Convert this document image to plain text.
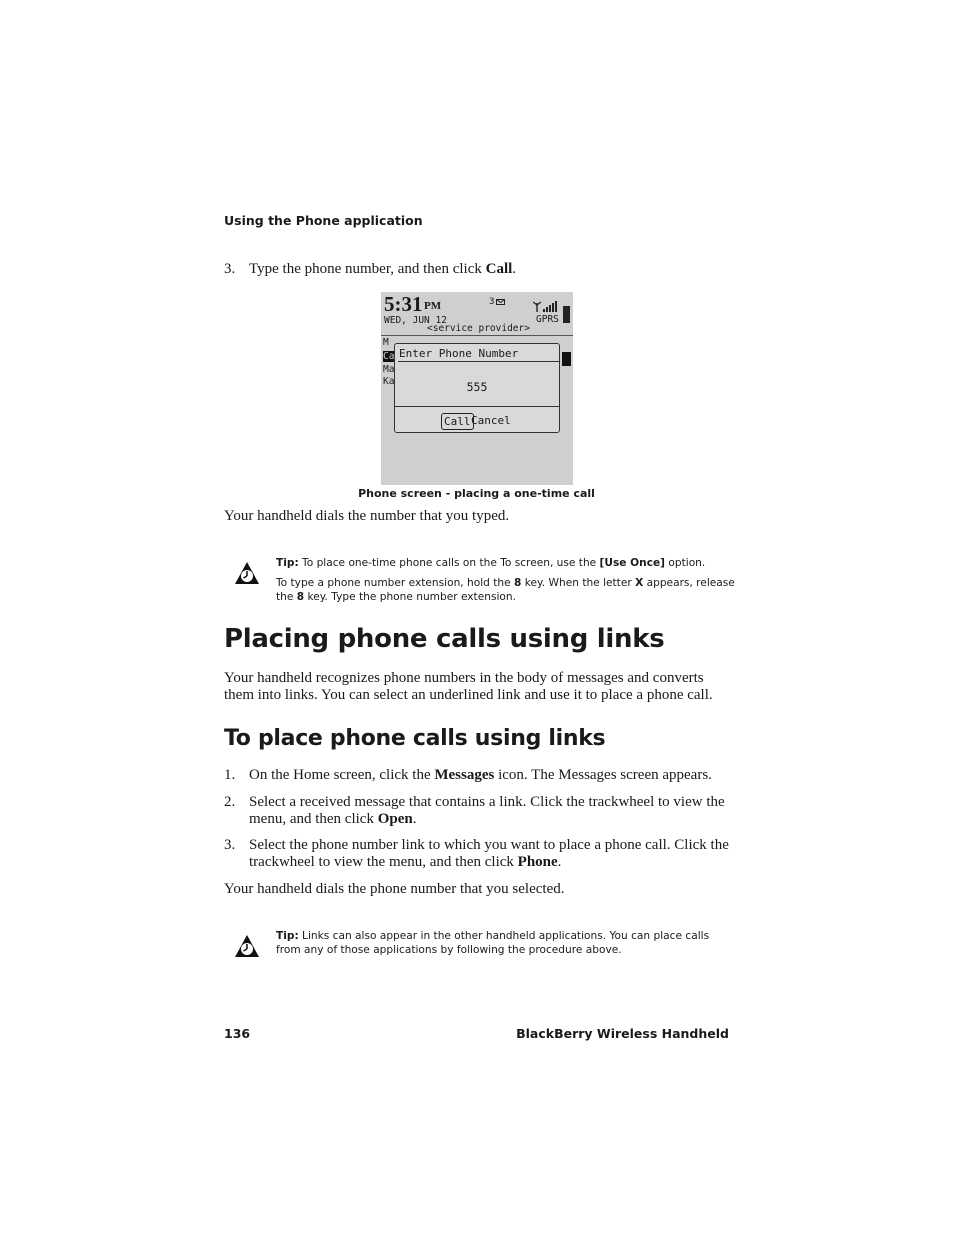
Using the Phone application
3. Type the phone number, and then click Call.
5:31 PM	3
WED, JUN 12
<service provider>
GPRS
M
Ca
Ma
Ka
Enter Phone Number
555
Call Cancel
Phone screen - placing a one-time call
Your handheld dials the number that you typed.

Tip: To place one-time phone calls on the To screen, use the [Use Once] option.

To type a phone number extension, hold the 8 key. When the letter X appears, release the 8 key. Type the phone number extension.

Placing phone calls using links
Your handheld recognizes phone numbers in the body of messages and converts them into links. You can select an underlined link and use it to place a phone call.
To place phone calls using links
1. On the Home screen, click the Messages icon. The Messages screen appears.
2. Select a received message that contains a link. Click the trackwheel to view the menu, and then click Open.
3. Select the phone number link to which you want to place a phone call. Click the trackwheel to view the menu, and then click Phone.
Your handheld dials the phone number that you selected.

Tip: Links can also appear in the other handheld applications. You can place calls from any of those applications by following the procedure above.

136	BlackBerry Wireless Handheld
